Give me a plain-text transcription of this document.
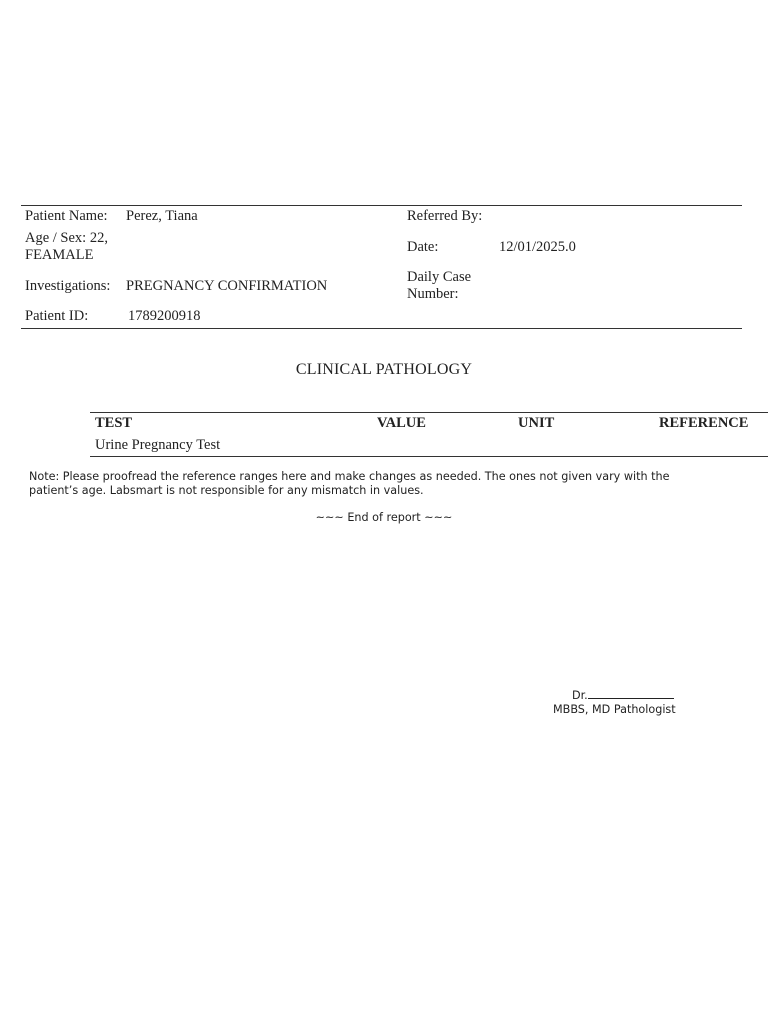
Patient Name: Perez, Tiana	Referred By:
Age / Sex: 22, FEAMALE	Date:	12/01/2025.0
Investigations: PREGNANCY CONFIRMATION
Daily Case Number:
Patient ID:	1789200918
CLINICAL PATHOLOGY
TEST	VALUE	UNIT	REFERENCE
Urine Pregnancy Test
Note: Please proofread the reference ranges here and make changes as needed. The ones not given vary with the patient’s age. Labsmart is not responsible for any mismatch in values.
~~~ End of report ~~~
Dr.
MBBS, MD Pathologist
